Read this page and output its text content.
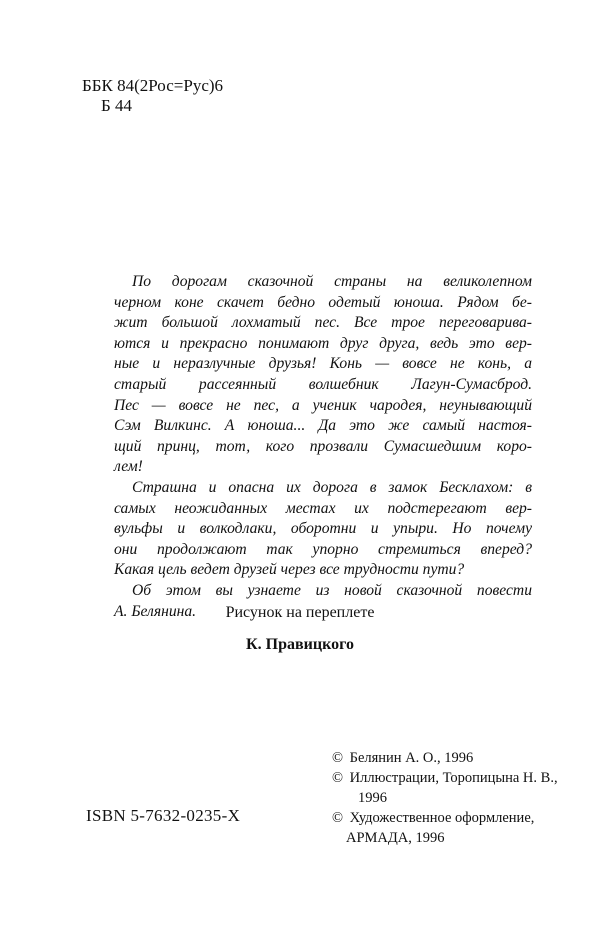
ББК 84(2Рос=Рус)6
Б 44
По дорогам сказочной страны на великолепном
черном коне скачет бедно одетый юноша. Рядом бе-
жит большой лохматый пес. Все трое переговарива-
ются и прекрасно понимают друг друга, ведь это вер-
ные и неразлучные друзья! Конь — вовсе не конь, а
старый рассеянный волшебник Лагун-Сумасброд.
Пес — вовсе не пес, а ученик чародея, неунывающий
Сэм Вилкинс. А юноша... Да это же самый настоя-
щий принц, тот, кого прозвали Сумасшедшим коро-
лем!
Страшна и опасна их дорога в замок Бесклахом: в
самых неожиданных местах их подстерегают вер-
вульфы и волкодлаки, оборотни и упыри. Но почему
они продолжают так упорно стремиться вперед?
Какая цель ведет друзей через все трудности пути?
Об этом вы узнаете из новой сказочной повести
А. Белянина.	Рисунок на переплете
К. Правицкого
© Белянин А. О., 1996
© Иллюстрации, Торопицына Н. В.,
1996
© Художественное оформление,
АРМАДА, 1996
ISBN 5-7632-0235-X
